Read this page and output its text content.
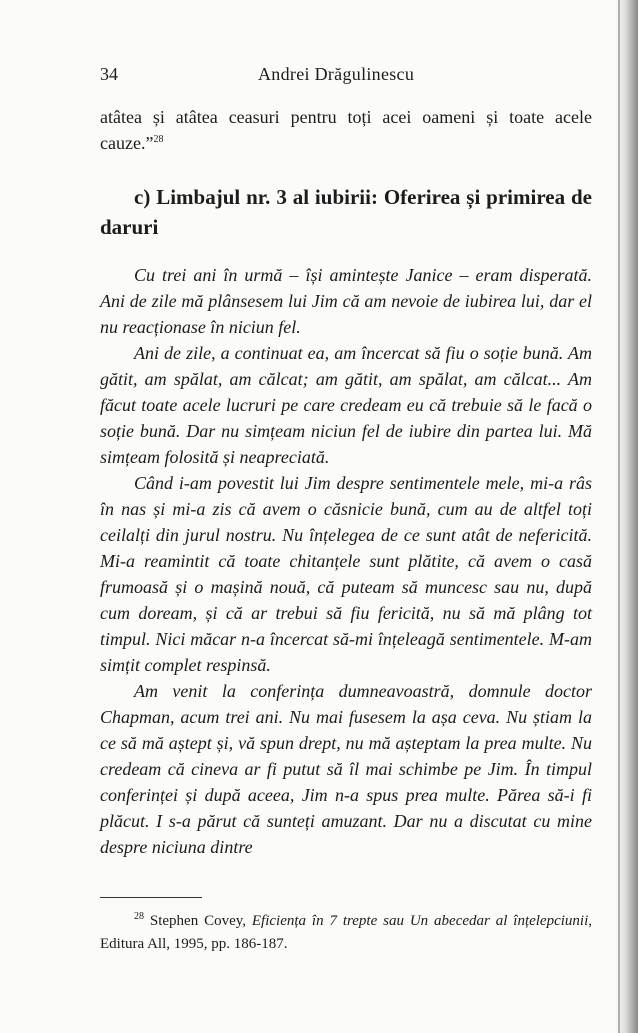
34	Andrei Drăgulinescu

atâtea și atâtea ceasuri pentru toți acei oameni și toate acele cauze.”$^{28}$

c) Limbajul nr. 3 al iubirii: Oferirea și primirea de daruri

Cu trei ani în urmă – își amintește Janice – eram disperată. Ani de zile mă plânsesem lui Jim că am nevoie de iubirea lui, dar el nu reacționase în niciun fel.

Ani de zile, a continuat ea, am încercat să fiu o soție bună. Am gătit, am spălat, am călcat; am gătit, am spălat, am călcat... Am făcut toate acele lucruri pe care credeam eu că trebuie să le facă o soție bună. Dar nu simțeam niciun fel de iubire din partea lui. Mă simțeam folosită și neapreciată.

Când i-am povestit lui Jim despre sentimentele mele, mi-a râs în nas și mi-a zis că avem o căsnicie bună, cum au de altfel toți ceilalți din jurul nostru. Nu înțelegea de ce sunt atât de nefericită. Mi-a reamintit că toate chitanțele sunt plătite, că avem o casă frumoasă și o mașină nouă, că puteam să muncesc sau nu, după cum doream, și că ar trebui să fiu fericită, nu să mă plâng tot timpul. Nici măcar n-a încercat să-mi înțeleagă sentimentele. M-am simțit complet respinsă.

Am venit la conferința dumneavoastră, domnule doctor Chapman, acum trei ani. Nu mai fusesem la așa ceva. Nu știam la ce să mă aștept și, vă spun drept, nu mă așteptam la prea multe. Nu credeam că cineva ar fi putut să îl mai schimbe pe Jim. În timpul conferinței și după aceea, Jim n-a spus prea multe. Părea să-i fi plăcut. I s-a părut că sunteți amuzant. Dar nu a discutat cu mine despre niciuna dintre

$^{28}$ Stephen Covey, Eficiența în 7 trepte sau Un abecedar al înțelepciunii, Editura All, 1995, pp. 186-187.
